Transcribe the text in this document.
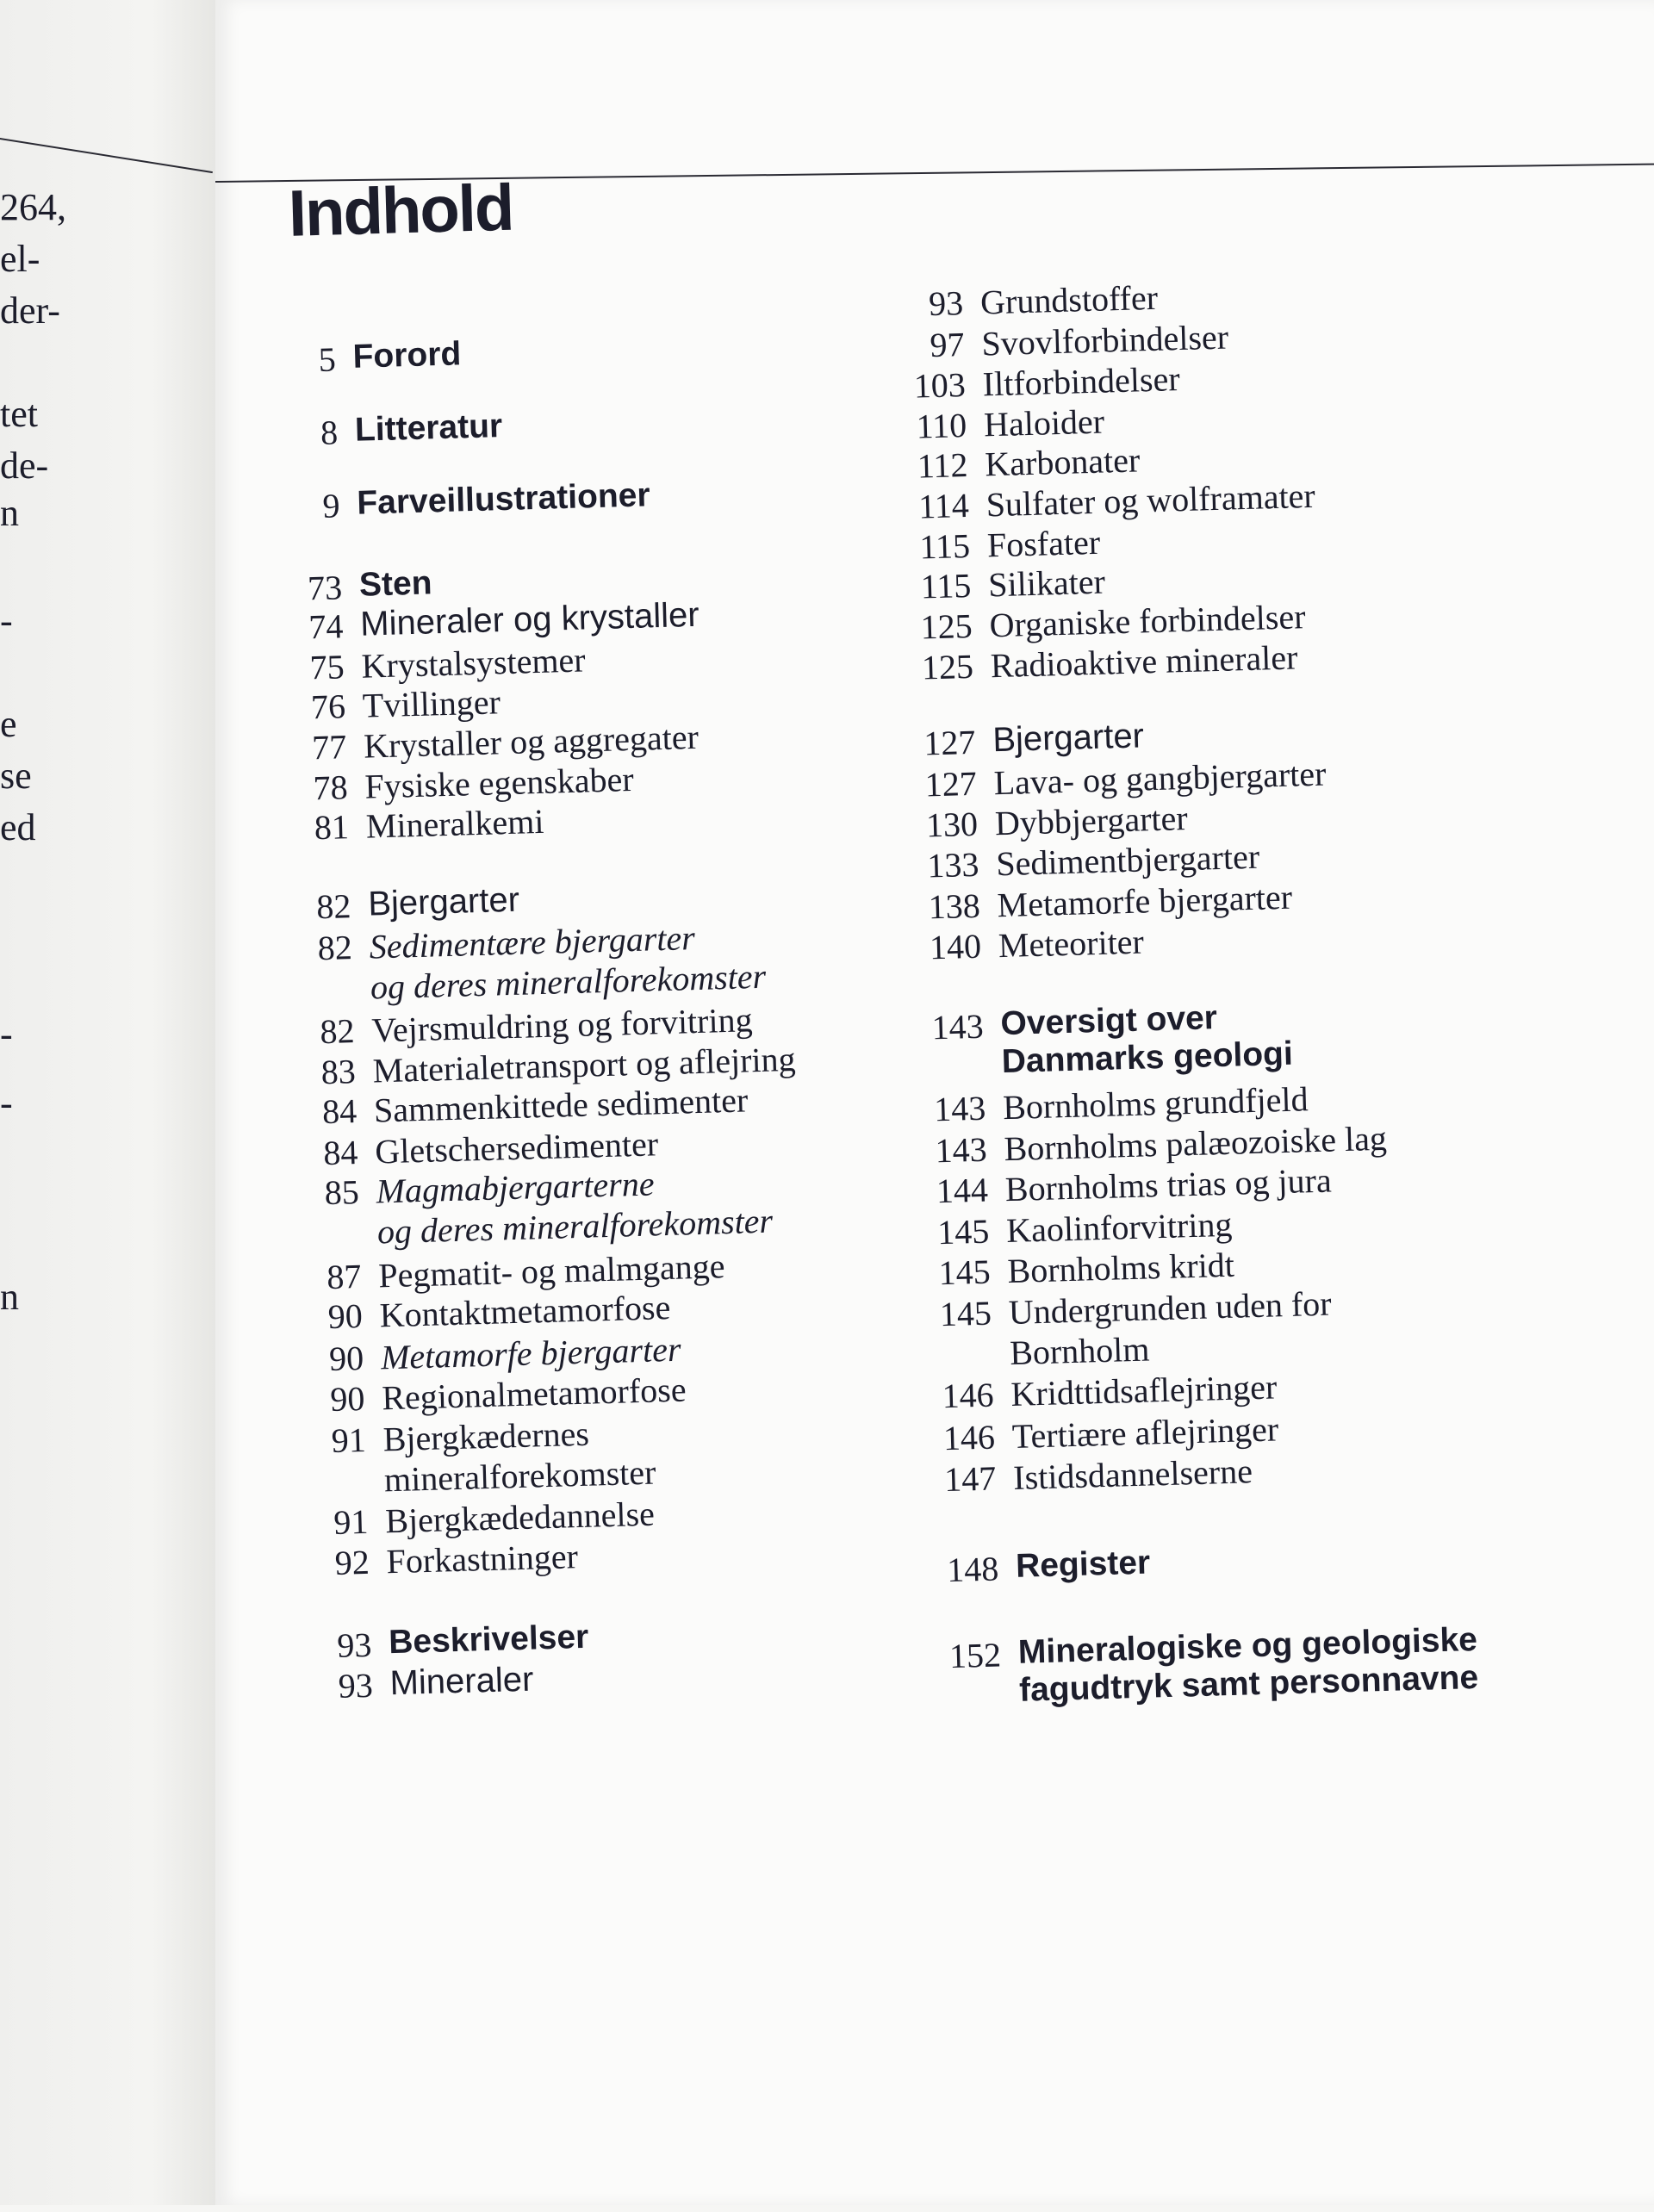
264,
el-
der-
tet
de-
n
-
e
se
ed
-
-
n
Indhold
5 Forord
8 Litteratur
9 Farveillustrationer
73 Sten
74 Mineraler og krystaller
75 Krystalsystemer
76 Tvillinger
77 Krystaller og aggregater
78 Fysiske egenskaber
81 Mineralkemi
82 Bjergarter
82 Sedimentære bjergarter
og deres mineralforekomster
82 Vejrsmuldring og forvitring
83 Materialetransport og aflejring
84 Sammenkittede sedimenter
84 Gletschersedimenter
85 Magmabjergarterne
og deres mineralforekomster
87 Pegmatit- og malmgange
90 Kontaktmetamorfose
90 Metamorfe bjergarter
90 Regionalmetamorfose
91 Bjergkædernes
mineralforekomster
91 Bjergkædedannelse
92 Forkastninger
93 Beskrivelser
93 Mineraler
93 Grundstoffer
97 Svovlforbindelser
103 Iltforbindelser
110 Haloider
112 Karbonater
114 Sulfater og wolframater
115 Fosfater
115 Silikater
125 Organiske forbindelser
125 Radioaktive mineraler
127 Bjergarter
127 Lava- og gangbjergarter
130 Dybbjergarter
133 Sedimentbjergarter
138 Metamorfe bjergarter
140 Meteoriter
143 Oversigt over
Danmarks geologi
143 Bornholms grundfjeld
143 Bornholms palæozoiske lag
144 Bornholms trias og jura
145 Kaolinforvitring
145 Bornholms kridt
145 Undergrunden uden for
Bornholm
146 Kridttidsaflejringer
146 Tertiære aflejringer
147 Istidsdannelserne
148 Register
152 Mineralogiske og geologiske
fagudtryk samt personnavne
